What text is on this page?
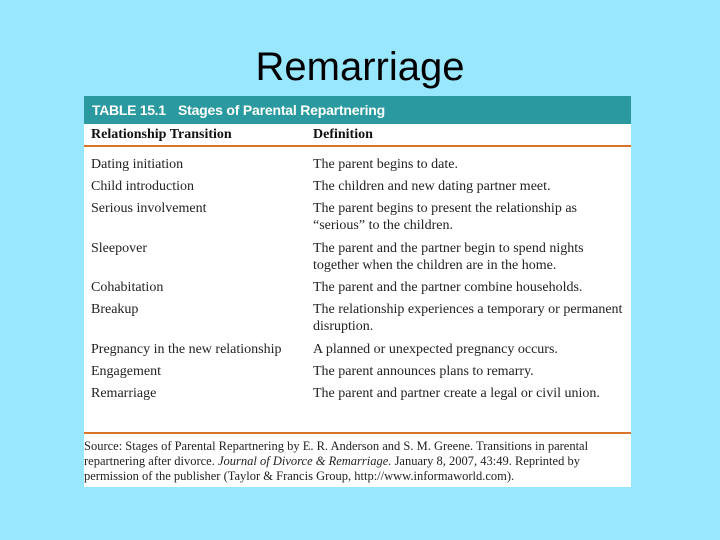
Remarriage
TABLE 15.1 Stages of Parental Repartnering
Relationship Transition	Definition
Dating initiation	The parent begins to date.
Child introduction	The children and new dating partner meet.
Serious involvement	The parent begins to present the relationship as “serious” to the children.
Sleepover	The parent and the partner begin to spend nights together when the children are in the home.
Cohabitation	The parent and the partner combine households.
Breakup	The relationship experiences a temporary or permanent disruption.
Pregnancy in the new relationship	A planned or unexpected pregnancy occurs.
Engagement	The parent announces plans to remarry.
Remarriage	The parent and partner create a legal or civil union.
Source: Stages of Parental Repartnering by E. R. Anderson and S. M. Greene. Transitions in parental repartnering after divorce. Journal of Divorce & Remarriage. January 8, 2007, 43:49. Reprinted by permission of the publisher (Taylor & Francis Group, http://www.informaworld.com).
